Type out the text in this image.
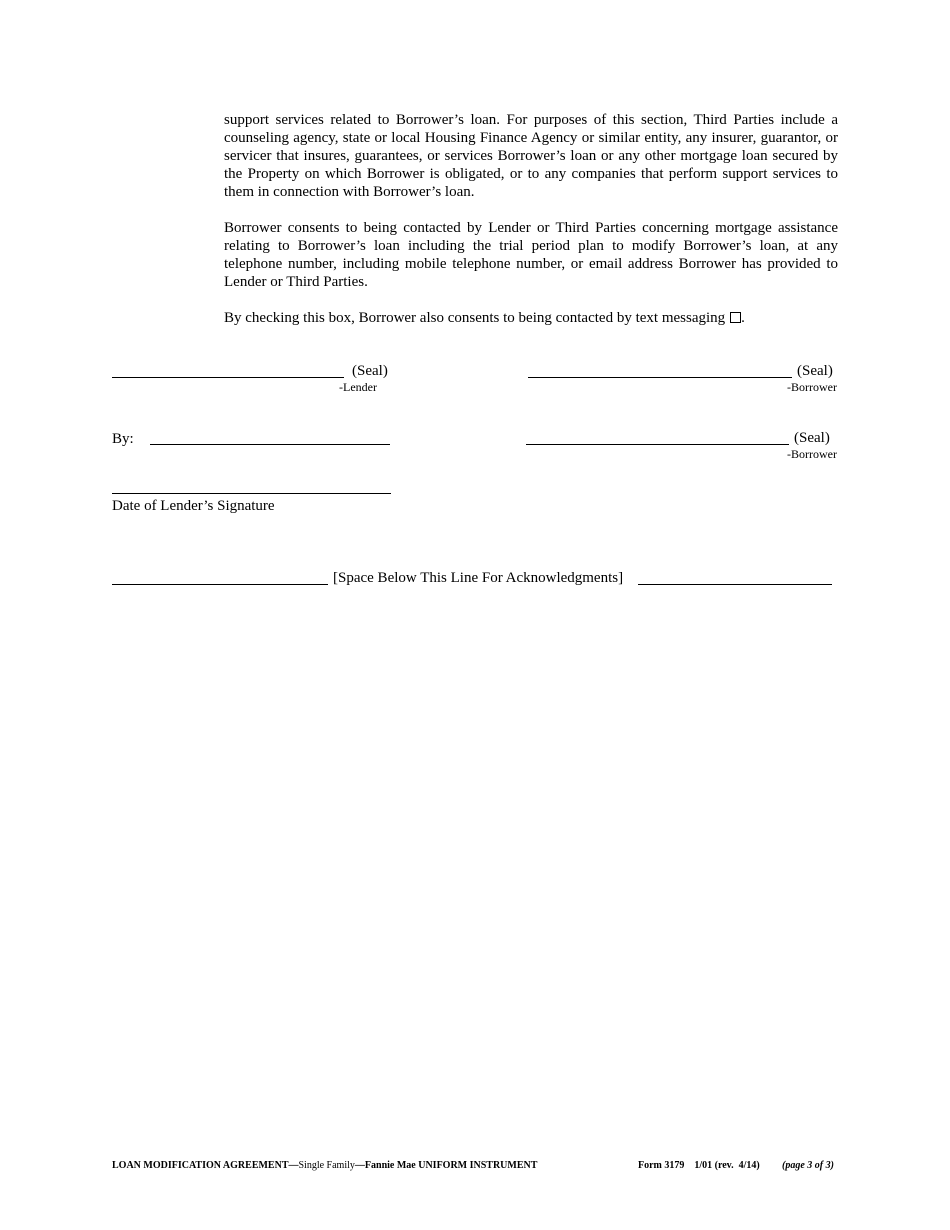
support services related to Borrower’s loan. For purposes of this section, Third Parties include a counseling agency, state or local Housing Finance Agency or similar entity, any insurer, guarantor, or servicer that insures, guarantees, or services Borrower’s loan or any other mortgage loan secured by the Property on which Borrower is obligated, or to any companies that perform support services to them in connection with Borrower’s loan.

Borrower consents to being contacted by Lender or Third Parties concerning mortgage assistance relating to Borrower’s loan including the trial period plan to modify Borrower’s loan, at any telephone number, including mobile telephone number, or email address Borrower has provided to Lender or Third Parties.

By checking this box, Borrower also consents to being contacted by text messaging .

(Seal)
-Lender
(Seal)
-Borrower
By:	(Seal)
-Borrower
Date of Lender’s Signature
[Space Below This Line For Acknowledgments]
LOAN MODIFICATION AGREEMENT—Single Family—Fannie Mae UNIFORM INSTRUMENT	Form 3179    1/01 (rev.  4/14) (page 3 of 3)
